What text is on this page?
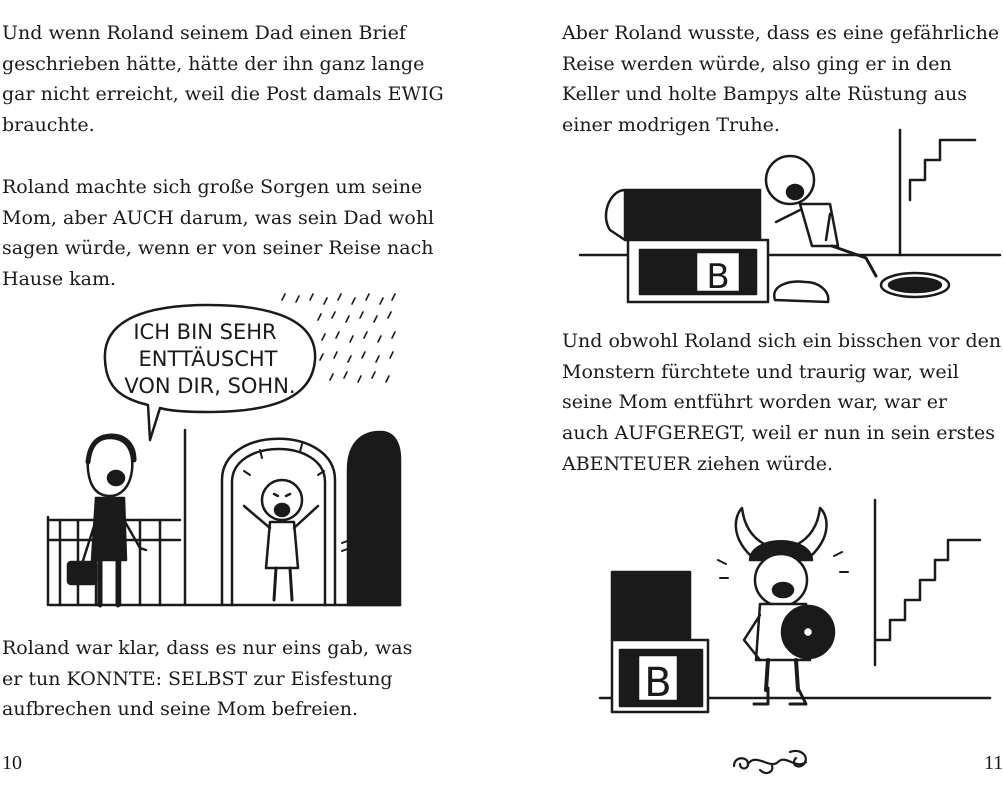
Und wenn Roland seinem Dad einen Brief
geschrieben hätte, hätte der ihn ganz lange
gar nicht erreicht, weil die Post damals EWIG
brauchte.
Roland machte sich große Sorgen um seine
Mom, aber AUCH darum, was sein Dad wohl
sagen würde, wenn er von seiner Reise nach
Hause kam.
Roland war klar, dass es nur eins gab, was
er tun KONNTE: SELBST zur Eisfestung
aufbrechen und seine Mom befreien.
10
Aber Roland wusste, dass es eine gefährliche
Reise werden würde, also ging er in den
Keller und holte Bampys alte Rüstung aus
einer modrigen Truhe.
Und obwohl Roland sich ein bisschen vor den
Monstern fürchtete und traurig war, weil
seine Mom entführt worden war, war er
auch AUFGEREGT, weil er nun in sein erstes
ABENTEUER ziehen würde.
11
ICH BIN SEHR
ENTTÄUSCHT
VON DIR, SOHN.
B
B
